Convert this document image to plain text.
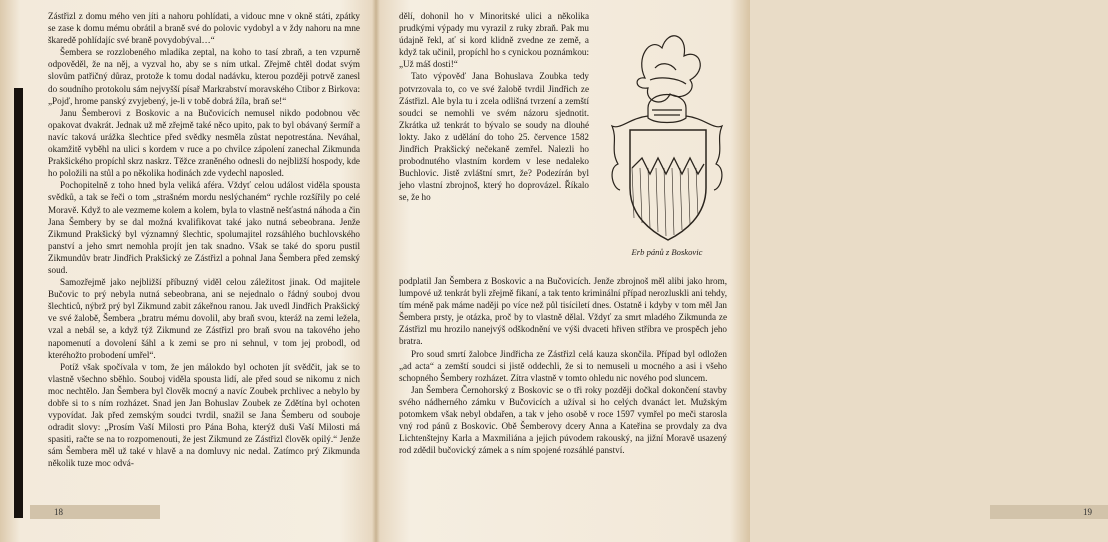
Zástřizl z domu mého ven jíti a nahoru pohlídati, a vidouc mne v okně státi, zpátky se zase k domu mému obrátil a braně své do polovic vydobyl a v ždy nahoru na mne škaredě pohlídajíc své braně povydobýval…“

Šembera se rozzlobeného mladíka zeptal, na koho to tasí zbraň, a ten vzpurně odpověděl, že na něj, a vyzval ho, aby se s ním utkal. Zřejmě chtěl dodat svým slovům patřičný důraz, protože k tomu dodal nadávku, kterou později potrvě zanesl do soudního protokolu sám nejvyšší písař Markrabství moravského Ctibor z Birkova: „Pojď, hrome panský zvyjebený, je-li v tobě dobrá žíla, braň se!“

Janu Šemberovi z Boskovic a na Bučovicích nemusel nikdo podobnou věc opakovat dvakrát. Jednak už mě zřejmě také něco upito, pak to byl obávaný šermíř a navíc taková urážka šlechtice před svědky nesměla zůstat nepotrestána. Neváhal, okamžitě vyběhl na ulici s kordem v ruce a po chvilce zápolení zanechal Zikmunda Prakšického propíchl skrz naskrz. Těžce zraněného odnesli do nejbližší hospody, kde ho položili na stůl a po několika hodinách zde vydechl naposled.

Pochopitelně z toho hned byla veliká aféra. Vždyť celou událost viděla spousta svědků, a tak se řeči o tom „strašném mordu neslýchaném“ rychle rozšířily po celé Moravě. Když to ale vezmeme kolem a kolem, byla to vlastně nešťastná náhoda a čin Jana Šembery by se dal možná kvalifikovat také jako nutná sebeobrana. Jenže Zikmund Prakšický byl významný šlechtic, spolumajitel rozsáhlého buchlovského panství a jeho smrt nemohla projít jen tak snadno. Však se také do sporu pustil Zikmundův bratr Jindřich Prakšický ze Zástřizl a pohnal Jana Šembera před zemský soud.

Samozřejmě jako nejbližší příbuzný viděl celou záležitost jinak. Od majitele Bučovic to prý nebyla nutná sebeobrana, ani se nejednalo o řádný souboj dvou šlechticů, nýbrž prý byl Zikmund zabit zákeřnou ranou. Jak uvedl Jindřich Prakšický ve své žalobě, Šembera „bratru mému dovolil, aby braň svou, kteráž na zemi ležela, vzal a nebál se, a když týž Zikmund ze Zástřizl pro braň svou na takového jeho napomenutí a dovolení šáhl a k zemi se pro ni sehnul, v tom jej probodl, od kteréhožto probodení umřel“.

Potíž však spočívala v tom, že jen málokdo byl ochoten jít svědčit, jak se to vlastně všechno sběhlo. Souboj viděla spousta lidí, ale před soud se nikomu z nich moc nechtělo. Jan Šembera byl člověk mocný a navíc Zoubek prchlivec a nebylo by dobře si to s ním rozházet. Snad jen Jan Bohuslav Zoubek ze Zdětína byl ochoten vypovídat. Jak před zemským soudci tvrdil, snažil se Jana Šemberu od souboje odradit slovy: „Prosím Vaší Milosti pro Pána Boha, kterýž duši Vaší Milosti má spasiti, račte se na to rozpomenouti, že jest Zikmund ze Zástřizl člověk opilý.“ Jenže sám Šembera měl už také v hlavě a na domluvy nic nedal. Zatímco prý Zikmunda několik tuze moc odvá-

18

dělí, dohonil ho v Minoritské ulici a několika prudkými výpady mu vyrazil z ruky zbraň. Pak mu údajně řekl, ať si kord klidně zvedne ze země, a když tak učinil, propíchl ho s cynickou poznámkou: „Už máš dosti!“

Tato výpověď Jana Bohuslava Zoubka tedy potvrzovala to, co ve své žalobě tvrdil Jindřich ze Zástřizl. Ale byla tu i zcela odlišná tvrzení a zemští soudci se nemohli ve svém názoru sjednotit. Zkrátka už tenkrát to bývalo se soudy na dlouhé lokty. Jako z udělání do toho 25. července 1582 Jindřich Prakšický nečekaně zemřel. Nalezli ho probodnutého vlastním kordem v lese nedaleko Buchlovic. Jistě zvláštní smrt, že? Podezírán byl jeho vlastní zbrojnoš, který ho doprovázel. Říkalo se, že ho

podplatil Jan Šembera z Boskovic a na Bučovicích. Jenže zbrojnoš měl alibi jako hrom, lumpové už tenkrát byli zřejmě fikaní, a tak tento kriminální případ nerozluskli ani tehdy, tím méně pak máme naději po více než půl tisíciletí dnes. Ostatně i kdyby v tom měl Jan Šembera prsty, je otázka, proč by to vlastně dělal. Vždyť za smrt mladého Zikmunda ze Zástřizl mu hrozilo nanejvýš odškodnění ve výši dvaceti hřiven stříbra ve prospěch jeho bratra.

Pro soud smrtí žalobce Jindřicha ze Zástřizl celá kauza skončila. Případ byl odložen „ad acta“ a zemští soudci si jistě oddechli, že si to nemuseli u mocného a asi i všeho schopného Šembery rozházet. Zítra vlastně v tomto ohledu nic nového pod sluncem.

Jan Šembera Černohorský z Boskovic se o tři roky později dočkal dokončení stavby svého nádherného zámku v Bučovicích a užíval si ho celých dvanáct let. Mužským potomkem však nebyl obdařen, a tak v jeho osobě v roce 1597 vymřel po meči starosla vný rod pánů z Boskovic. Obě Šemberovy dcery Anna a Kateřina se provdaly za dva Lichtenštejny Karla a Maxmiliána a jejich púvodem rakouský, na jižní Moravě usazený rod zdědil bučovický zámek a s ním spojené rozsáhlé panství.

19
Erb pánů z Boskovic
